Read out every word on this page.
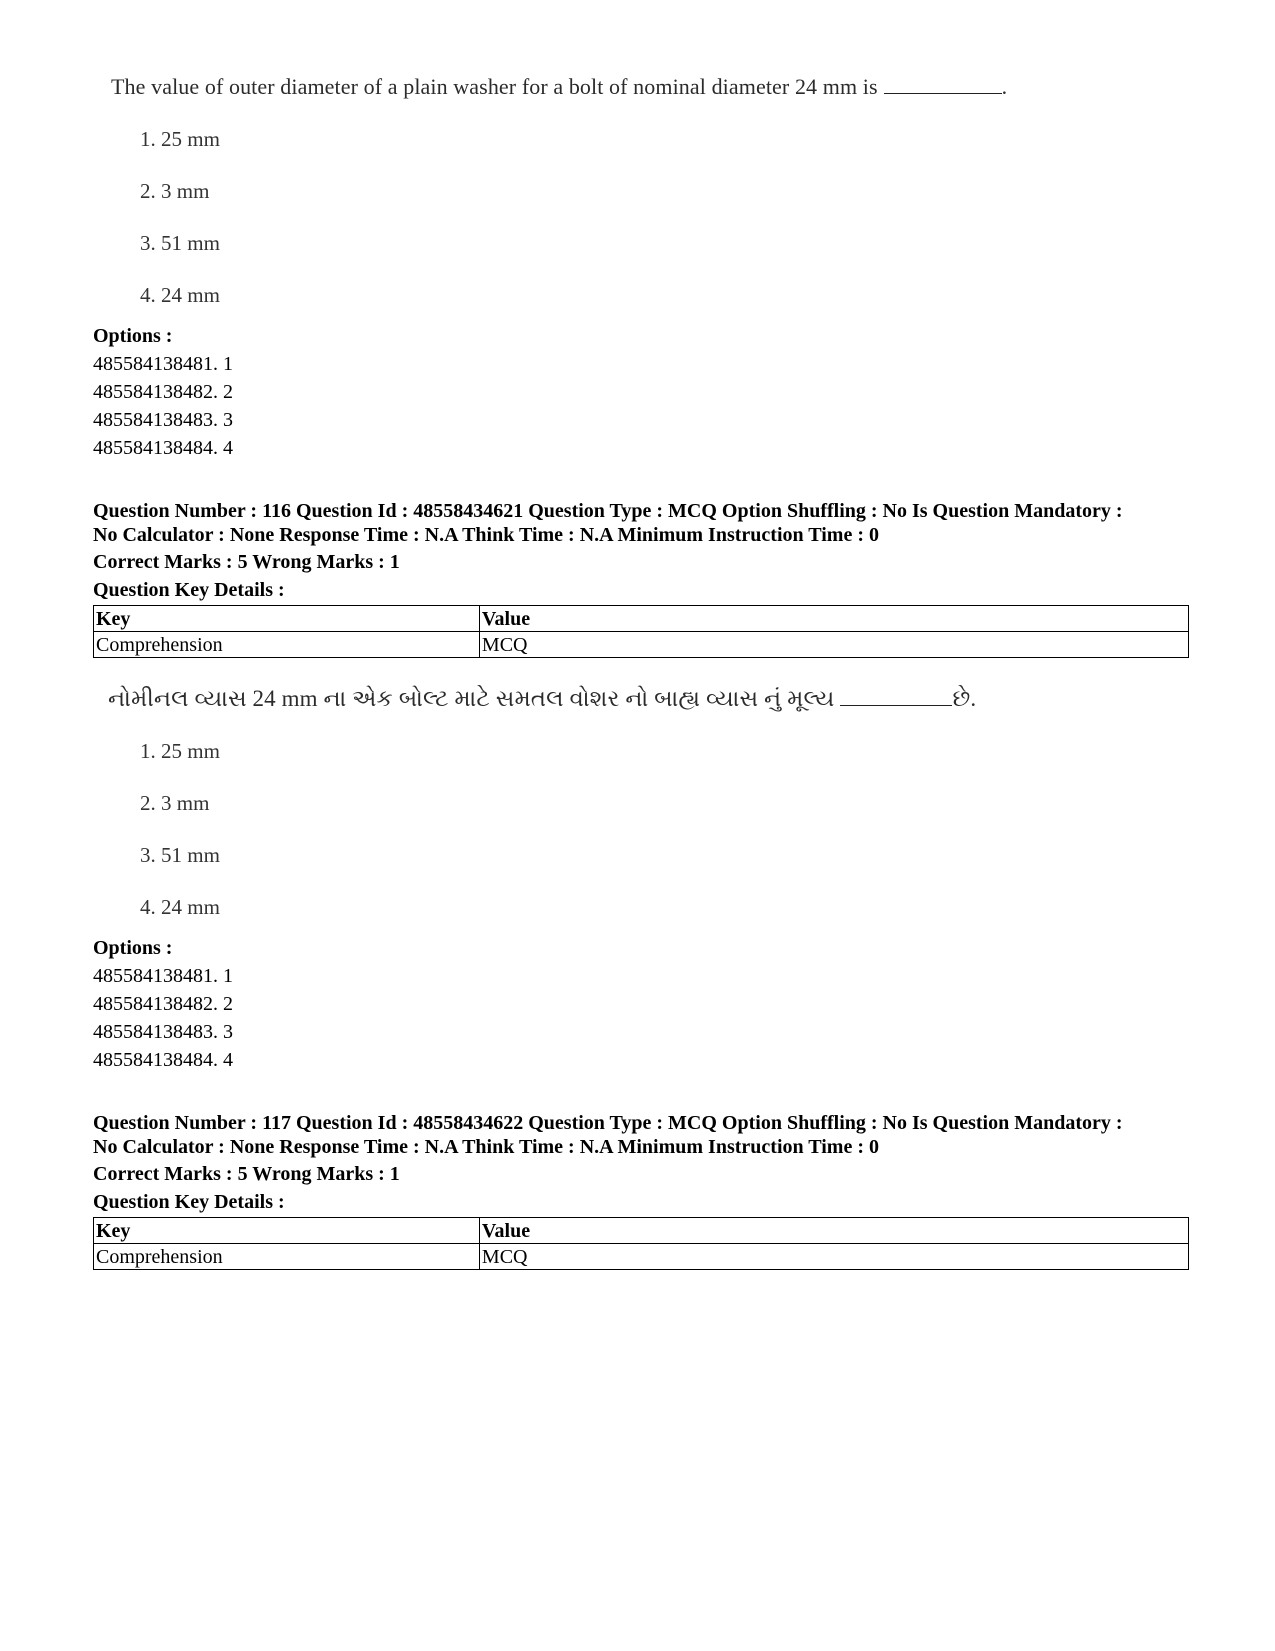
The value of outer diameter of a plain washer for a bolt of nominal diameter 24 mm is	.
1. 25 mm
2. 3 mm
3. 51 mm
4. 24 mm
Options :
485584138481. 1
485584138482. 2
485584138483. 3
485584138484. 4
Question Number : 116 Question Id : 48558434621 Question Type : MCQ Option Shuffling : No Is Question Mandatory :
No Calculator : None Response Time : N.A Think Time : N.A Minimum Instruction Time : 0
Correct Marks : 5 Wrong Marks : 1
Question Key Details :
Key	Value
Comprehension	MCQ
નોમીનલ વ્યાસ 24 mm ના એક બોલ્ટ માટે સમતલ વોશર નો બાહ્ય વ્યાસ નું મૂલ્ય	છે.
1. 25 mm
2. 3 mm
3. 51 mm
4. 24 mm
Options :
485584138481. 1
485584138482. 2
485584138483. 3
485584138484. 4
Question Number : 117 Question Id : 48558434622 Question Type : MCQ Option Shuffling : No Is Question Mandatory :
No Calculator : None Response Time : N.A Think Time : N.A Minimum Instruction Time : 0
Correct Marks : 5 Wrong Marks : 1
Question Key Details :
Key	Value
Comprehension	MCQ
